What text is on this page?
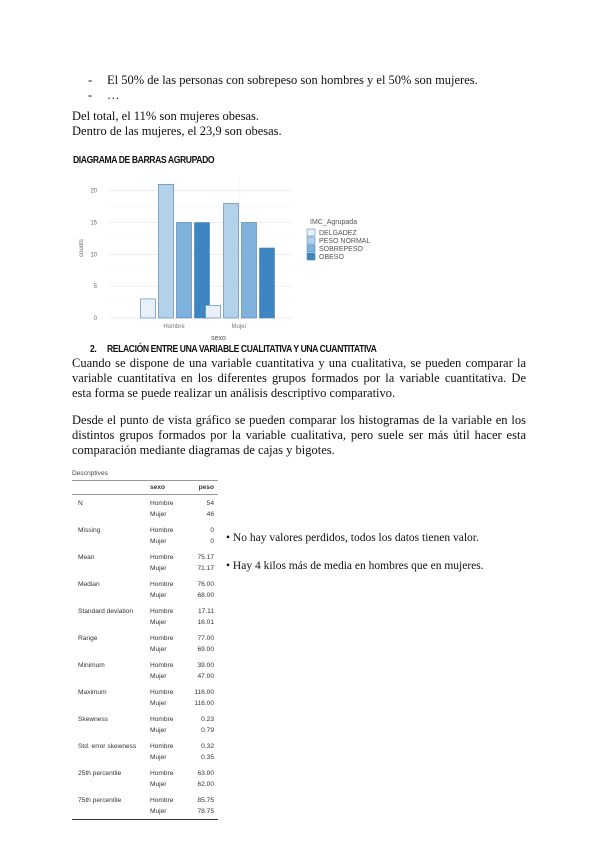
- El 50% de las personas con sobrepeso son hombres y el 50% son mujeres.
- …
Del total, el 11% son mujeres obesas.
Dentro de las mujeres, el 23,9 son obesas.
DIAGRAMA DE BARRAS AGRUPADO
0
5
10
15
20
Hombre	Mujer
sexo
counts
IMC_Agrupada
DELGADEZ
PESO NORMAL
SOBREPESO
OBESO
2. RELACIÓN ENTRE UNA VARIABLE CUALITATIVA Y UNA CUANTITATIVA
Cuando se dispone de una variable cuantitativa y una cualitativa, se pueden comparar la variable cuantitativa en los diferentes grupos formados por la variable cuantitativa. De esta forma se puede realizar un análisis descriptivo comparativo.
Desde el punto de vista gráfico se pueden comparar los histogramas de la variable en los distintos grupos formados por la variable cualitativa, pero suele ser más útil hacer esta comparación mediante diagramas de cajas y bigotes.
Descriptives
sexo	peso
N	Hombre	54
Mujer	46
Missing	Hombre	0
Mujer	0
Mean	Hombre	75.17
Mujer	71.17
Median	Hombre	76.00
Mujer	68.00
Standard deviation	Hombre	17.11
Mujer	16.01
Range	Hombre	77.00
Mujer	69.00
Minimum	Hombre	39.00
Mujer	47.00
Maximum	Hombre	116.00
Mujer	116.00
Skewness	Hombre	0.23
Mujer	0.79
Std. error skewness Hombre	0.32
Mujer	0.35
25th percentile	Hombre	63.00
Mujer	62.00
75th percentile	Hombre	85.75
Mujer	78.75
• No hay valores perdidos, todos los datos tienen valor.
• Hay 4 kilos más de media en hombres que en mujeres.
